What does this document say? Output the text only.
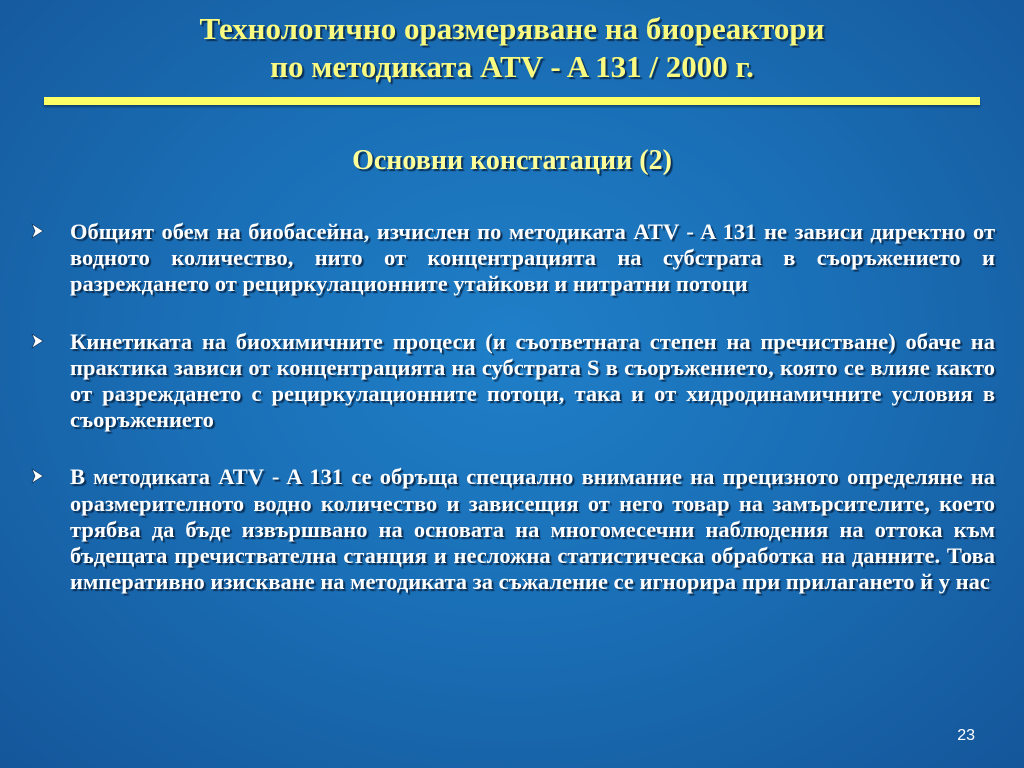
Технологично оразмеряване на биореактори
по методиката ATV - A 131 / 2000 г.
Основни констатации (2)
Общият обем на биобасейна, изчислен по методиката ATV - A 131 не зависи директно от водното количество, нито от концентрацията на субстрата в съоръжението и разреждането от рециркулационните утайкови и нитратни потоци
Кинетиката на биохимичните процеси (и съответната степен на пречистване) обаче на практика зависи от концентрацията на субстрата S в съоръжението, която се влияе както от разреждането с рециркулационните потоци, така и от хидродинамичните условия в съоръжението
В методиката ATV - A 131 се обръща специално внимание на прецизното определяне на оразмерителното водно количество и зависещия от него товар на замърсителите, което трябва да бъде извършвано на основата на многомесечни наблюдения на оттока към бъдещата пречиствателна станция и несложна статистическа обработка на данните. Това императивно изискване на методиката за съжаление се игнорира при прилагането й у нас
23
